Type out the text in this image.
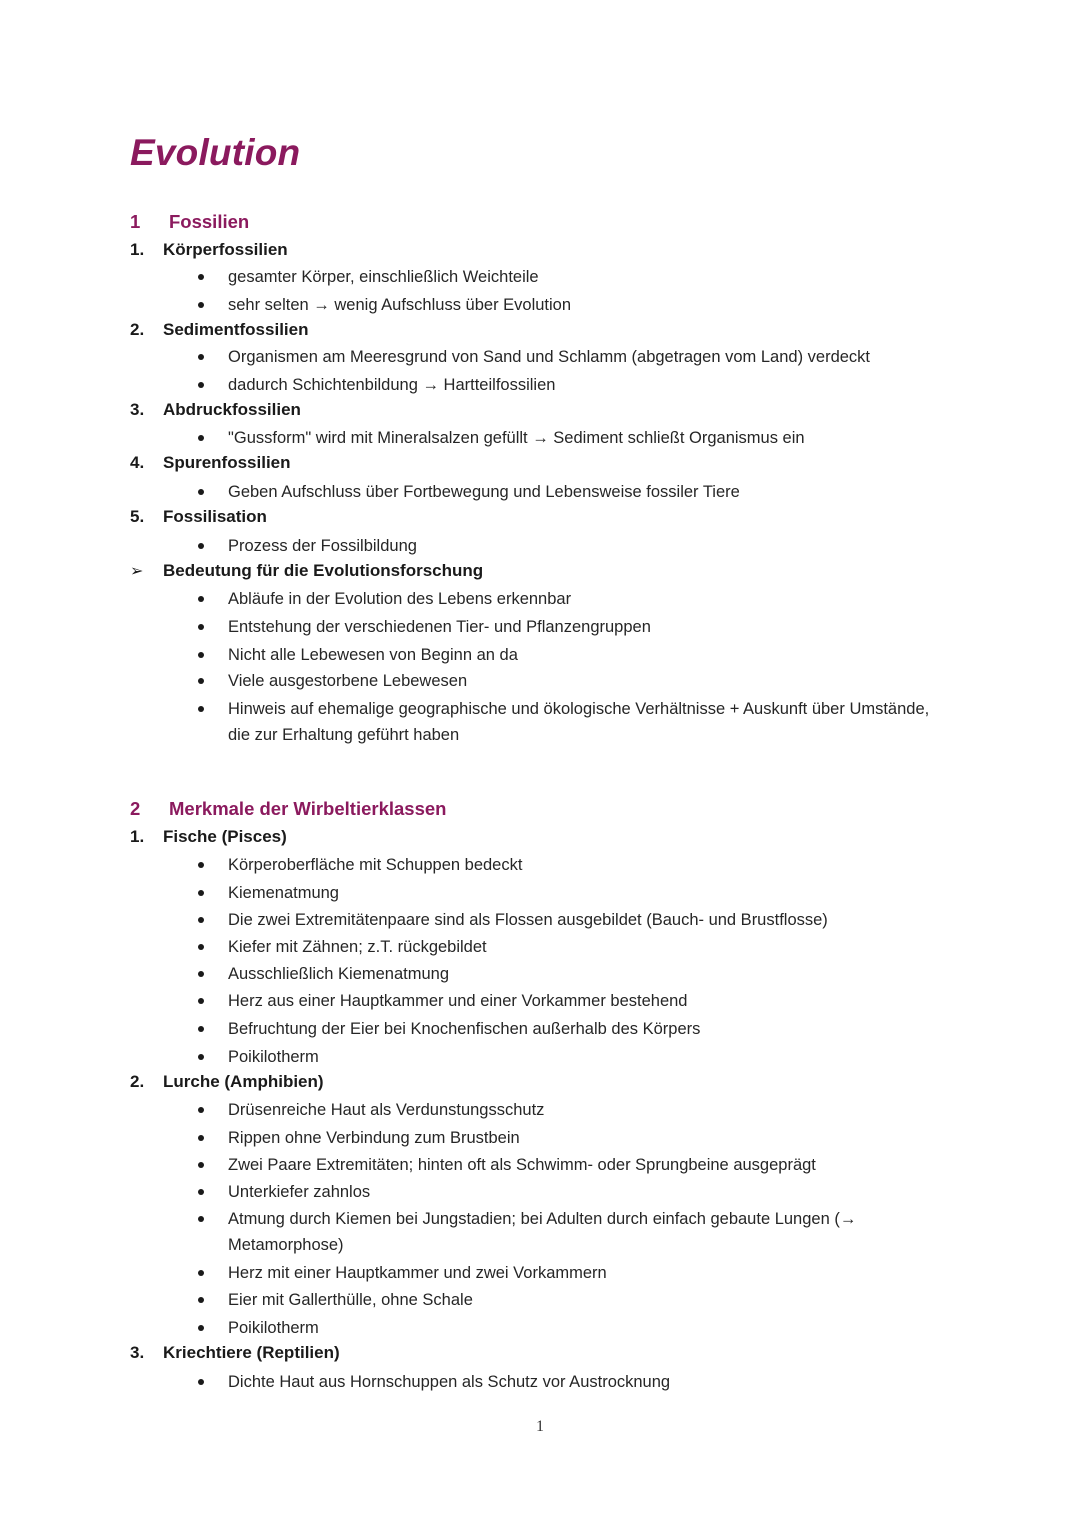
Evolution
1 Fossilien
1. Körperfossilien
gesamter Körper, einschließlich Weichteile
sehr selten → wenig Aufschluss über Evolution
2. Sedimentfossilien
Organismen am Meeresgrund von Sand und Schlamm (abgetragen vom Land) verdeckt
dadurch Schichtenbildung → Hartteilfossilien
3. Abdruckfossilien
"Gussform" wird mit Mineralsalzen gefüllt → Sediment schließt Organismus ein
4. Spurenfossilien
Geben Aufschluss über Fortbewegung und Lebensweise fossiler Tiere
5. Fossilisation
Prozess der Fossilbildung
➢ Bedeutung für die Evolutionsforschung
Abläufe in der Evolution des Lebens erkennbar
Entstehung der verschiedenen Tier- und Pflanzengruppen
Nicht alle Lebewesen von Beginn an da
Viele ausgestorbene Lebewesen
Hinweis auf ehemalige geographische und ökologische Verhältnisse + Auskunft über Umstände, die zur Erhaltung geführt haben
2 Merkmale der Wirbeltierklassen
1. Fische (Pisces)
Körperoberfläche mit Schuppen bedeckt
Kiemenatmung
Die zwei Extremitätenpaare sind als Flossen ausgebildet (Bauch- und Brustflosse)
Kiefer mit Zähnen; z.T. rückgebildet
Ausschließlich Kiemenatmung
Herz aus einer Hauptkammer und einer Vorkammer bestehend
Befruchtung der Eier bei Knochenfischen außerhalb des Körpers
Poikilotherm
2. Lurche (Amphibien)
Drüsenreiche Haut als Verdunstungsschutz
Rippen ohne Verbindung zum Brustbein
Zwei Paare Extremitäten; hinten oft als Schwimm- oder Sprungbeine ausgeprägt
Unterkiefer zahnlos
Atmung durch Kiemen bei Jungstadien; bei Adulten durch einfach gebaute Lungen (→ Metamorphose)
Herz mit einer Hauptkammer und zwei Vorkammern
Eier mit Gallerthülle, ohne Schale
Poikilotherm
3. Kriechtiere (Reptilien)
Dichte Haut aus Hornschuppen als Schutz vor Austrocknung
1
